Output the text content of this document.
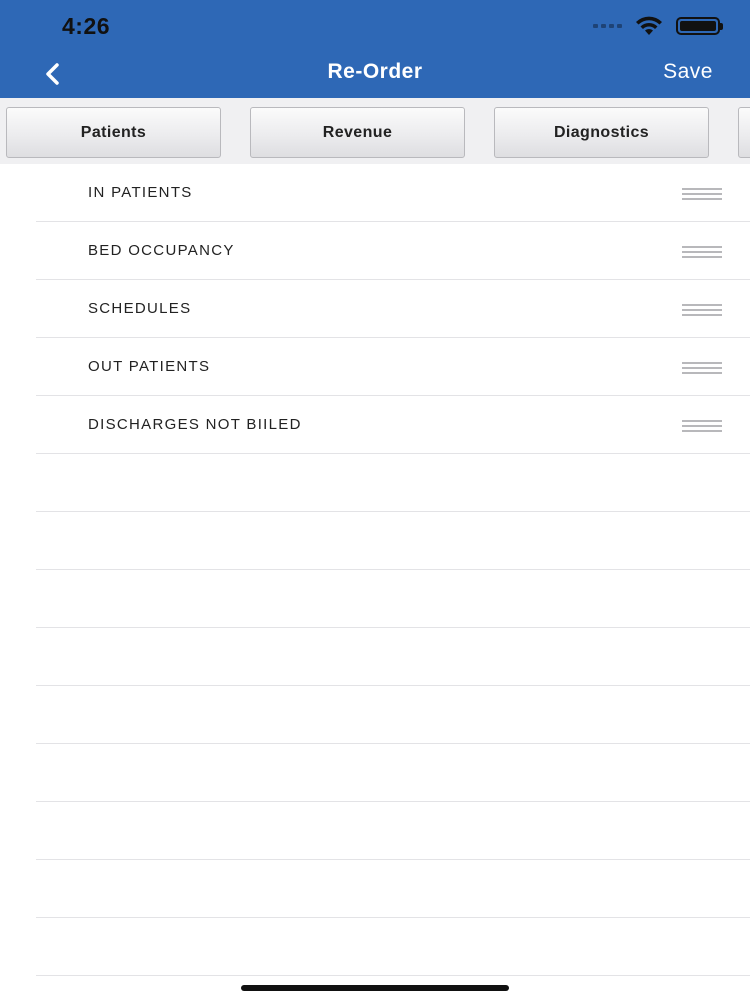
4:26
Re-Order	Save
Patients	Revenue	Diagnostics
IN PATIENTS
BED OCCUPANCY
SCHEDULES
OUT PATIENTS
DISCHARGES NOT BIILED
